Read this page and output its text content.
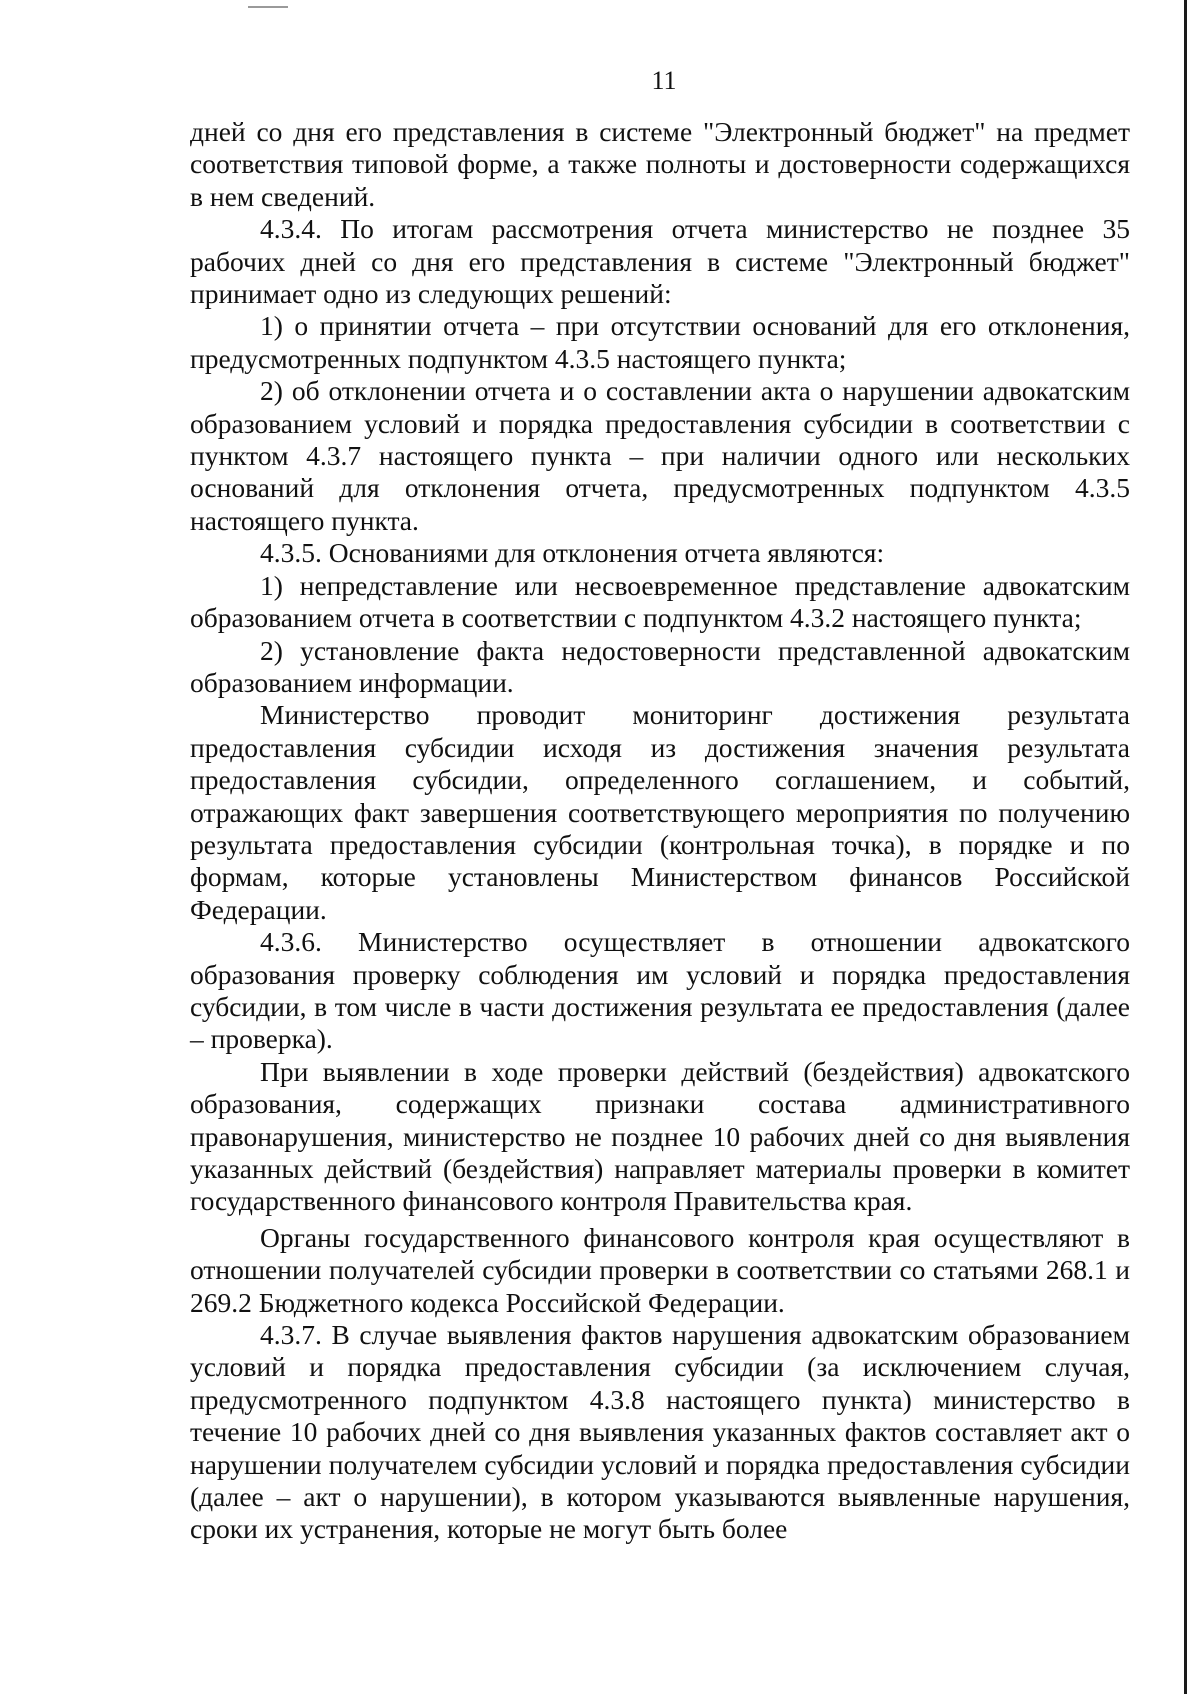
11

дней со дня его представления в системе "Электронный бюджет" на предмет соответствия типовой форме, а также полноты и достоверности содержащихся в нем сведений.

4.3.4. По итогам рассмотрения отчета министерство не позднее 35 рабочих дней со дня его представления в системе "Электронный бюджет" принимает одно из следующих решений:

1) о принятии отчета – при отсутствии оснований для его отклонения, предусмотренных подпунктом 4.3.5 настоящего пункта;

2) об отклонении отчета и о составлении акта о нарушении адвокатским образованием условий и порядка предоставления субсидии в соответствии с пунктом 4.3.7 настоящего пункта – при наличии одного или нескольких оснований для отклонения отчета, предусмотренных подпунктом 4.3.5 настоящего пункта.

4.3.5. Основаниями для отклонения отчета являются:

1) непредставление или несвоевременное представление адвокатским образованием отчета в соответствии с подпунктом 4.3.2 настоящего пункта;

2) установление факта недостоверности представленной адвокатским образованием информации.

Министерство проводит мониторинг достижения результата предоставления субсидии исходя из достижения значения результата предоставления субсидии, определенного соглашением, и событий, отражающих факт завершения соответствующего мероприятия по получению результата предоставления субсидии (контрольная точка), в порядке и по формам, которые установлены Министерством финансов Российской Федерации.

4.3.6. Министерство осуществляет в отношении адвокатского образования проверку соблюдения им условий и порядка предоставления субсидии, в том числе в части достижения результата ее предоставления (далее – проверка).

При выявлении в ходе проверки действий (бездействия) адвокатского образования, содержащих признаки состава административного правонарушения, министерство не позднее 10 рабочих дней со дня выявления указанных действий (бездействия) направляет материалы проверки в комитет государственного финансового контроля Правительства края.

Органы государственного финансового контроля края осуществляют в отношении получателей субсидии проверки в соответствии со статьями 268.1 и 269.2 Бюджетного кодекса Российской Федерации.

4.3.7. В случае выявления фактов нарушения адвокатским образованием условий и порядка предоставления субсидии (за исключением случая, предусмотренного подпунктом 4.3.8 настоящего пункта) министерство в течение 10 рабочих дней со дня выявления указанных фактов составляет акт о нарушении получателем субсидии условий и порядка предоставления субсидии (далее – акт о нарушении), в котором указываются выявленные нарушения, сроки их устранения, которые не могут быть более
